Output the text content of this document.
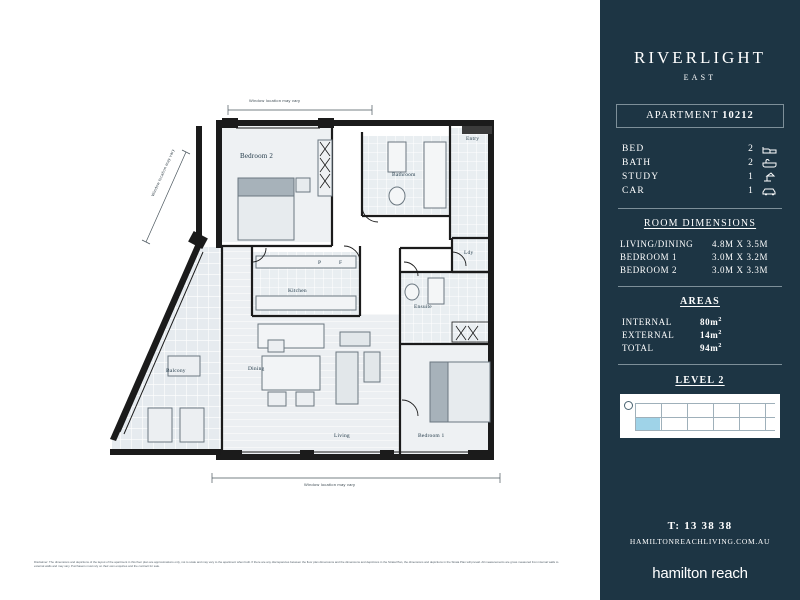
Window location may vary
Window location may vary
Window location may vary	Bedroom 2
Bathroom
Entry
Ldy
Kitchen
Ensuite
Balcony	Dining
Living	Bedroom 1
P	F
Disclaimer: The dimensions and depictions of the layout of the apartment in this floor plan are approximations only, not to scale and may vary to the apartment when built. If there are any discrepancies between the floor plan dimensions and the dimensions and depictions in the Strata Plan, the dimensions and depictions in the Strata Plan will prevail. All measurements are gross measured from internal walls to external walls and may vary. Purchasers must rely on their own enquiries and the contract for sale.
RIVERLIGHT
EAST
APARTMENT 10212
BED	2
BATH	2
STUDY	1
CAR	1
ROOM DIMENSIONS
LIVING/DINING	4.8M X 3.5M
BEDROOM 1	3.0M X 3.2M
BEDROOM 2	3.0M X 3.3M
AREAS
INTERNAL	$80m^2$
EXTERNAL	$14m^2$
TOTAL	$94m^2$
LEVEL 2
T: 13 38 38
HAMILTONREACHLIVING.COM.AU
hamilton reach
